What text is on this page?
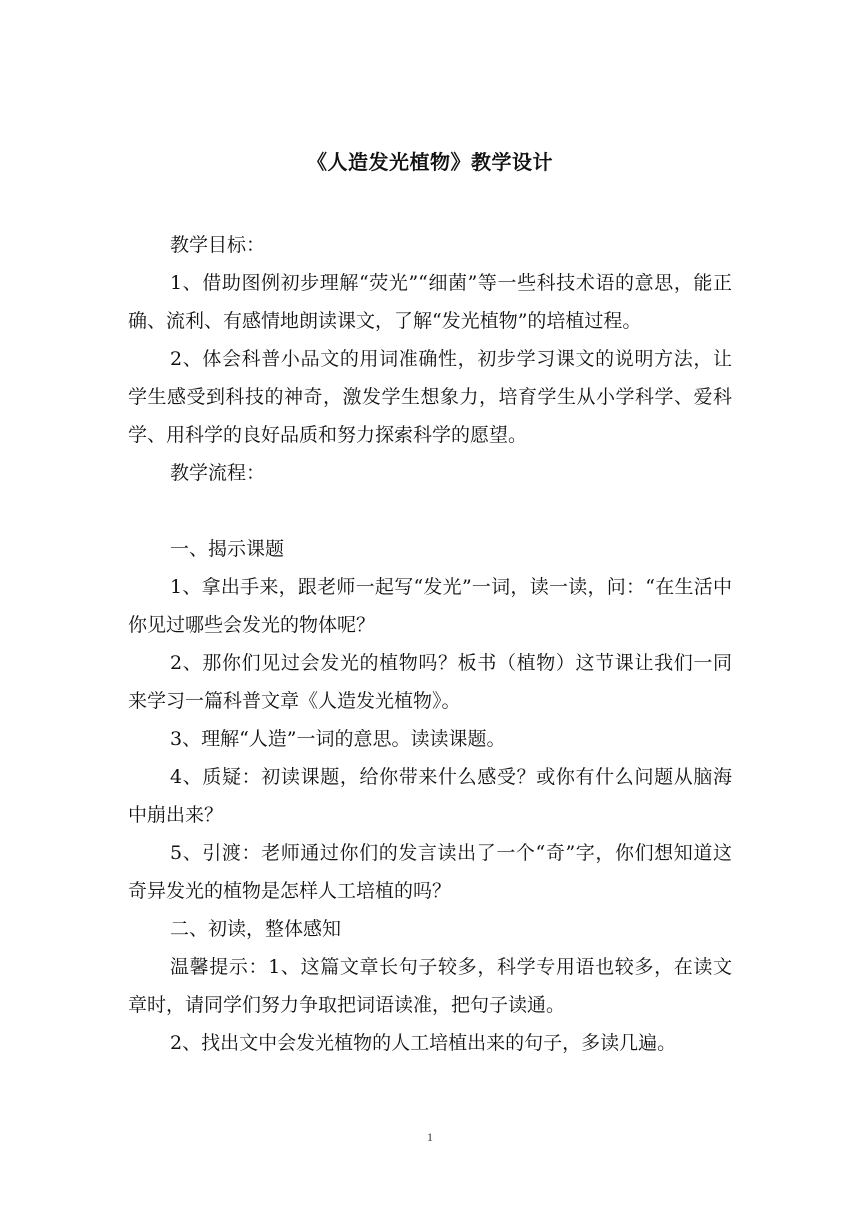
《人造发光植物》教学设计

教学目标：

1、借助图例初步理解“荧光”“细菌”等一些科技术语的意思，能正确、流利、有感情地朗读课文，了解“发光植物”的培植过程。

2、体会科普小品文的用词准确性，初步学习课文的说明方法，让学生感受到科技的神奇，激发学生想象力，培育学生从小学科学、爱科学、用科学的良好品质和努力探索科学的愿望。

教学流程：

一、揭示课题

1、拿出手来，跟老师一起写“发光”一词，读一读，问：“在生活中你见过哪些会发光的物体呢？

2、那你们见过会发光的植物吗？板书（植物）这节课让我们一同来学习一篇科普文章《人造发光植物》。

3、理解“人造”一词的意思。读读课题。

4、质疑：初读课题，给你带来什么感受？或你有什么问题从脑海中崩出来？

5、引渡：老师通过你们的发言读出了一个“奇”字，你们想知道这奇异发光的植物是怎样人工培植的吗？

二、初读，整体感知

温馨提示：1、这篇文章长句子较多，科学专用语也较多，在读文章时，请同学们努力争取把词语读准，把句子读通。

2、找出文中会发光植物的人工培植出来的句子，多读几遍。

1
